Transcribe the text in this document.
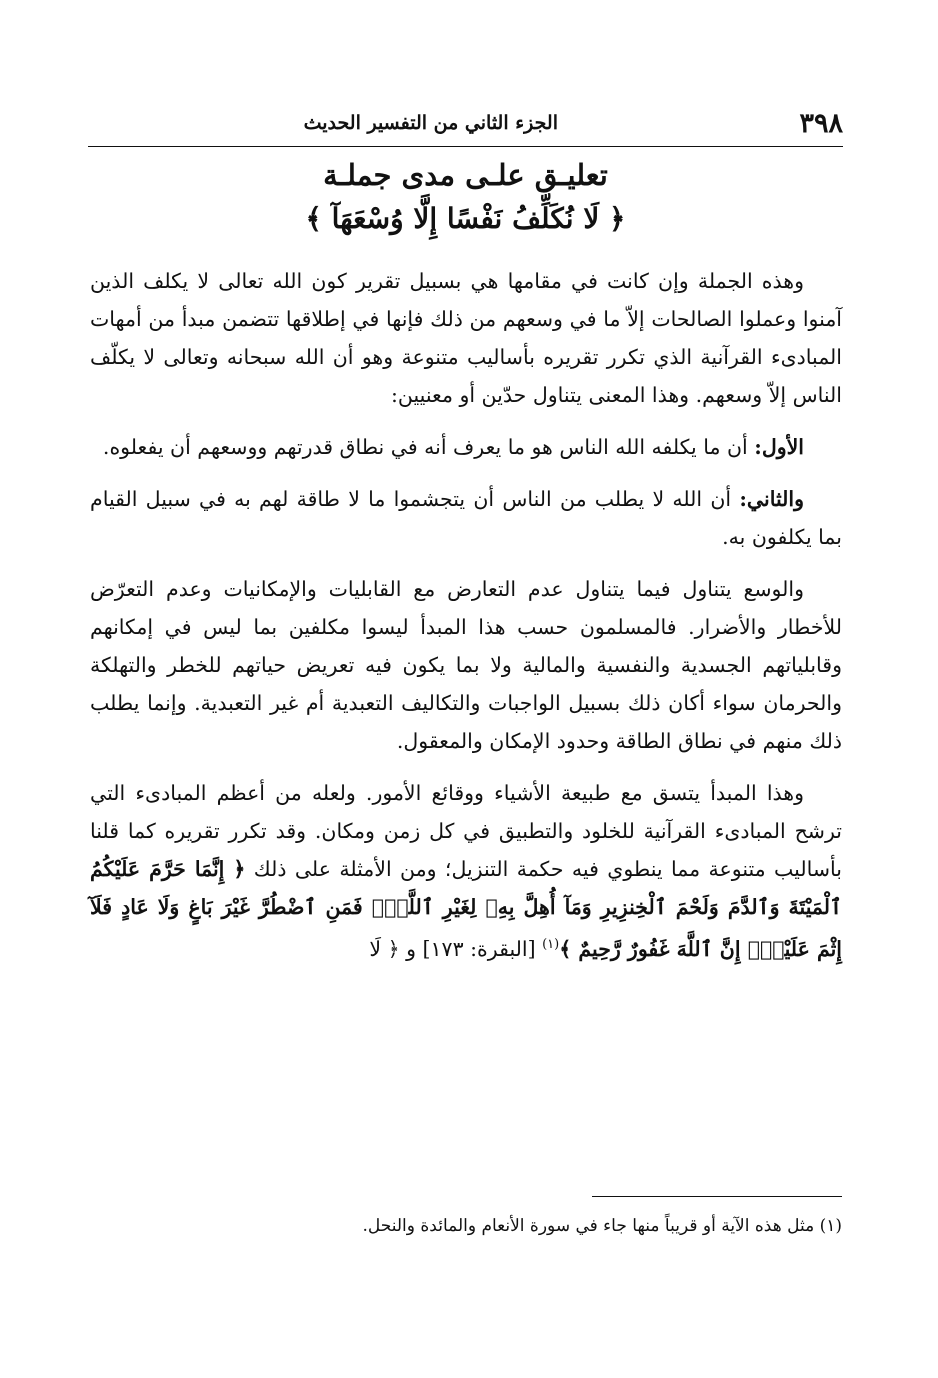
٣٩٨
الجزء الثاني من التفسير الحديث
تعليـق علـى مدى جملـة
﴿ لَا نُكَلِّفُ نَفْسًا إِلَّا وُسْعَهَآ ﴾

وهذه الجملة وإن كانت في مقامها هي بسبيل تقرير كون الله تعالى لا يكلف الذين آمنوا وعملوا الصالحات إلاّ ما في وسعهم من ذلك فإنها في إطلاقها تتضمن مبدأ من أمهات المبادىء القرآنية الذي تكرر تقريره بأساليب متنوعة وهو أن الله سبحانه وتعالى لا يكلّف الناس إلاّ وسعهم. وهذا المعنى يتناول حدّين أو معنيين:

الأول: أن ما يكلفه الله الناس هو ما يعرف أنه في نطاق قدرتهم ووسعهم أن يفعلوه.

والثاني: أن الله لا يطلب من الناس أن يتجشموا ما لا طاقة لهم به في سبيل القيام بما يكلفون به.

والوسع يتناول فيما يتناول عدم التعارض مع القابليات والإمكانيات وعدم التعرّض للأخطار والأضرار. فالمسلمون حسب هذا المبدأ ليسوا مكلفين بما ليس في إمكانهم وقابلياتهم الجسدية والنفسية والمالية ولا بما يكون فيه تعريض حياتهم للخطر والتهلكة والحرمان سواء أكان ذلك بسبيل الواجبات والتكاليف التعبدية أم غير التعبدية. وإنما يطلب ذلك منهم في نطاق الطاقة وحدود الإمكان والمعقول.

وهذا المبدأ يتسق مع طبيعة الأشياء ووقائع الأمور. ولعله من أعظم المبادىء التي ترشح المبادىء القرآنية للخلود والتطبيق في كل زمن ومكان. وقد تكرر تقريره كما قلنا بأساليب متنوعة مما ينطوي فيه حكمة التنزيل؛ ومن الأمثلة على ذلك ﴿ إِنَّمَا حَرَّمَ عَلَيْكُمُ ٱلْمَيْتَةَ وَٱلدَّمَ وَلَحْمَ ٱلْخِنزِيرِ وَمَآ أُهِلَّ بِهِۦ لِغَيْرِ ٱللَّهِۖ فَمَنِ ٱضْطُرَّ غَيْرَ بَاغٍ وَلَا عَادٍ فَلَآ إِثْمَ عَلَيْهِۚ إِنَّ ٱللَّهَ غَفُورٌ رَّحِيمٌ ﴾$^{(١)}$ [البقرة: ١٧٣] و ﴿ لَا

(١) مثل هذه الآية أو قريباً منها جاء في سورة الأنعام والمائدة والنحل.
